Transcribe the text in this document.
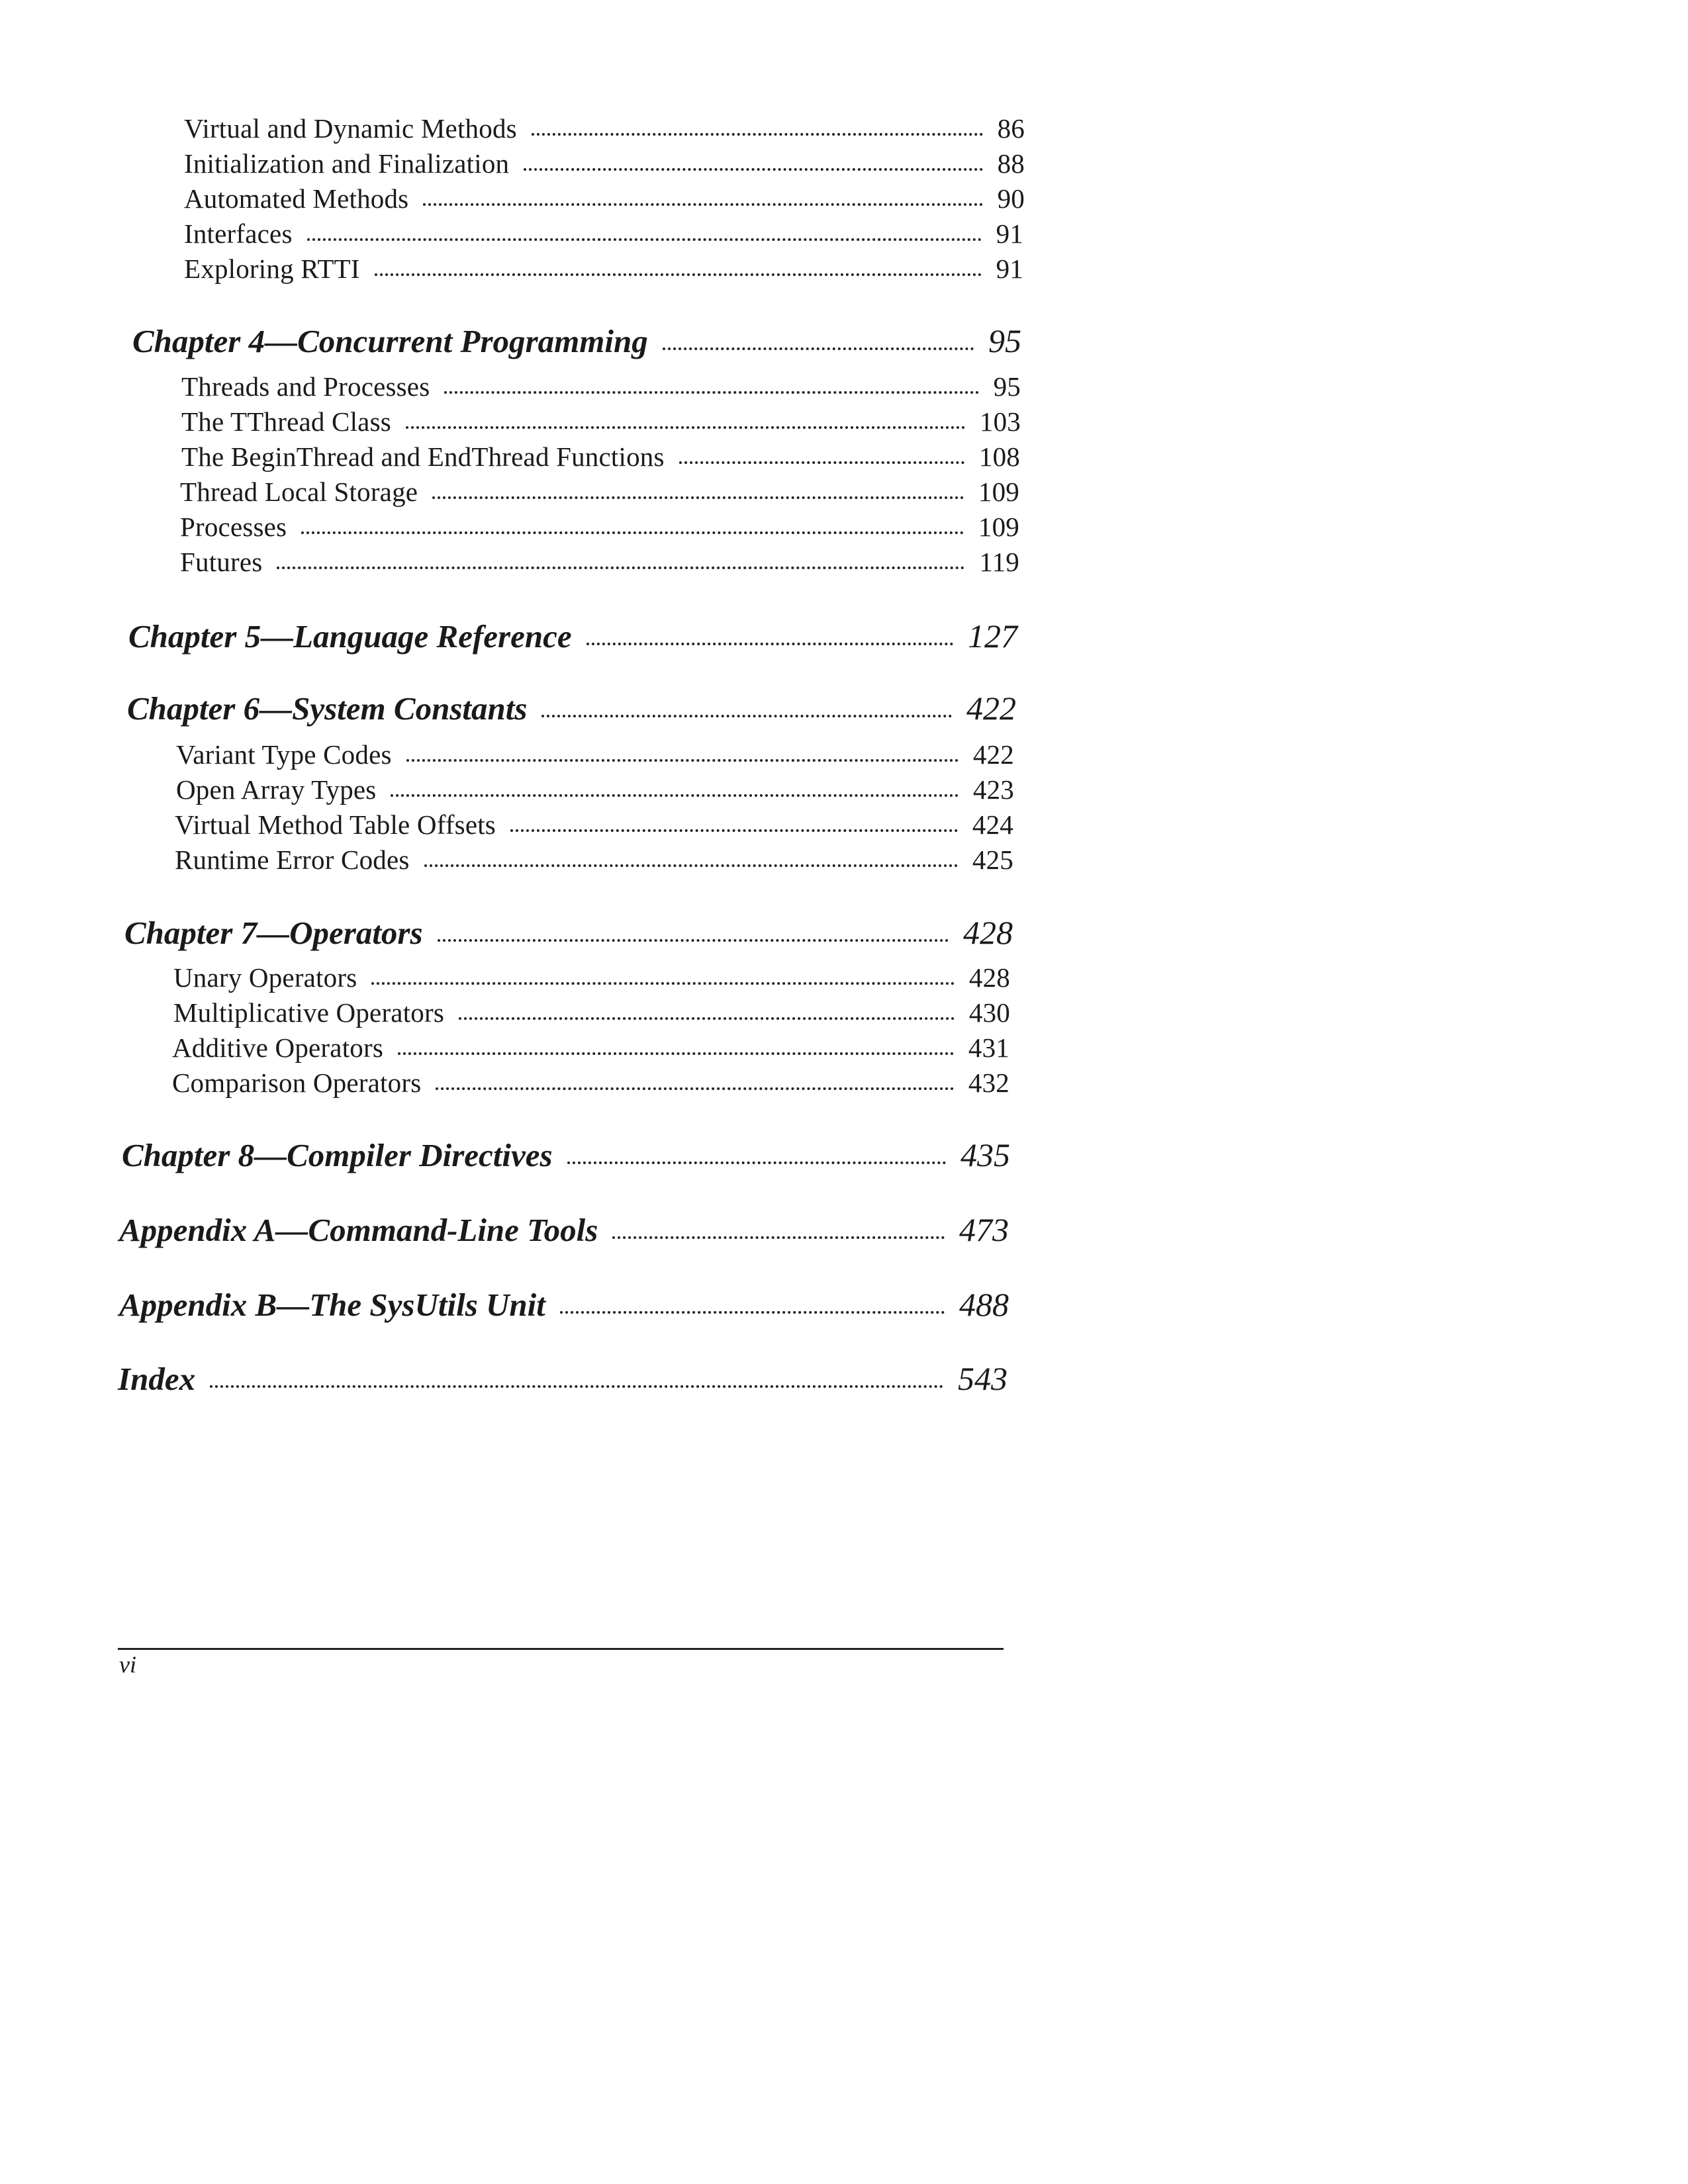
Virtual and Dynamic Methods	86
Initialization and Finalization	88
Automated Methods	90
Interfaces	91
Exploring RTTI	91
Chapter 4—Concurrent Programming	95
Threads and Processes	95
The TThread Class	103
The BeginThread and EndThread Functions	108
Thread Local Storage	109
Processes	109
Futures	119
Chapter 5—Language Reference	127
Chapter 6—System Constants	422
Variant Type Codes	422
Open Array Types	423
Virtual Method Table Offsets	424
Runtime Error Codes	425
Chapter 7—Operators	428
Unary Operators	428
Multiplicative Operators	430
Additive Operators	431
Comparison Operators	432
Chapter 8—Compiler Directives	435
Appendix A—Command-Line Tools	473
Appendix B—The SysUtils Unit	488
Index	543
vi
